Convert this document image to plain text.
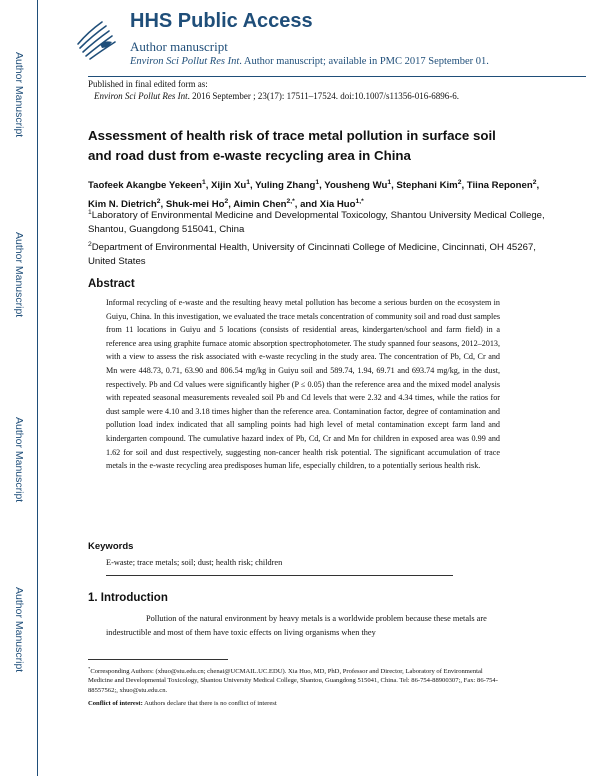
Author Manuscript
Author Manuscript
Author Manuscript
Author Manuscript
HHS Public Access
Author manuscript
Environ Sci Pollut Res Int. Author manuscript; available in PMC 2017 September 01.
Published in final edited form as:
Environ Sci Pollut Res Int. 2016 September ; 23(17): 17511–17524. doi:10.1007/s11356-016-6896-6.
Assessment of health risk of trace metal pollution in surface soil and road dust from e-waste recycling area in China
Taofeek Akangbe Yekeen$^1$, Xijin Xu$^1$, Yuling Zhang$^1$, Yousheng Wu$^1$, Stephani Kim$^2$, Tiina Reponen$^2$, Kim N. Dietrich$^2$, Shuk-mei Ho$^2$, Aimin Chen$^{2,*}$, and Xia Huo$^{1,*}$
$^1$Laboratory of Environmental Medicine and Developmental Toxicology, Shantou University Medical College, Shantou, Guangdong 515041, China
$^2$Department of Environmental Health, University of Cincinnati College of Medicine, Cincinnati, OH 45267, United States
Abstract
Informal recycling of e-waste and the resulting heavy metal pollution has become a serious burden on the ecosystem in Guiyu, China. In this investigation, we evaluated the trace metals concentration of community soil and road dust samples from 11 locations in Guiyu and 5 locations (consists of residential areas, kindergarten/school and farm field) in a reference area using graphite furnace atomic absorption spectrophotometer. The study spanned four seasons, 2012–2013, with a view to assess the risk associated with e-waste recycling in the study area. The concentration of Pb, Cd, Cr and Mn were 448.73, 0.71, 63.90 and 806.54 mg/kg in Guiyu soil and 589.74, 1.94, 69.71 and 693.74 mg/kg, in the dust, respectively. Pb and Cd values were significantly higher (P ≤ 0.05) than the reference area and the mixed model analysis with repeated seasonal measurements revealed soil Pb and Cd levels that were 2.32 and 4.34 times, while the ratios for dust sample were 4.10 and 3.18 times higher than the reference area. Contamination factor, degree of contamination and pollution load index indicated that all sampling points had high level of metal contamination except farm land and kindergarten compound. The cumulative hazard index of Pb, Cd, Cr and Mn for children in exposed area was 0.99 and 1.62 for soil and dust respectively, suggesting non-cancer health risk potential. The significant accumulation of trace metals in the e-waste recycling area predisposes human life, especially children, to a potentially serious health risk.
Keywords
E-waste; trace metals; soil; dust; health risk; children
1. Introduction
Pollution of the natural environment by heavy metals is a worldwide problem because these metals are indestructible and most of them have toxic effects on living organisms when they
*Corresponding Authors: (xhuo@stu.edu.cn; chenai@UCMAIL.UC.EDU). Xia Huo, MD, PhD, Professor and Director, Laboratory of Environmental Medicine and Developmental Toxicology, Shantou University Medical College, Shantou, Guangdong 515041, China. Tel: 86-754-88900307;, Fax: 86-754-88557562;, xhuo@stu.edu.cn.
Conflict of interest: Authors declare that there is no conflict of interest
